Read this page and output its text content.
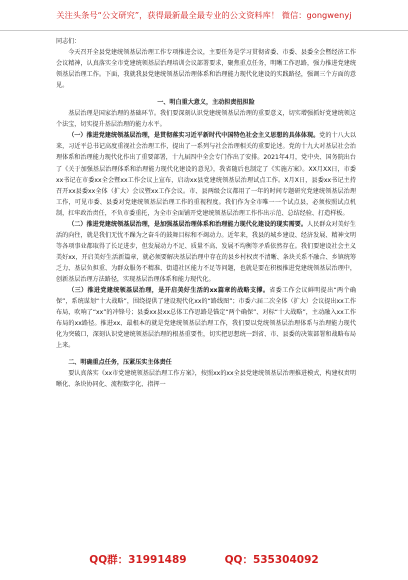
关注头条号“公文研究”，获得最新最全最专业的公文资料库！ 微信：gongwenyj

同志们：

今天召开全县党建统领基层治理工作专项推进会议，主要任务是学习贯彻省委、市委、县委全会暨经济工作会议精神，认真落实全市党建统领基层治理培训会议部署要求，聚焦重点任务，明晰工作思路，强力推进党建统领基层治理工作。下面，我就我县党建统领基层治理体系和治理能力现代化建设的实践路径，强调三个方面的意见。

一、明白重大意义，主动担责扭担险

基层治理是国家治理的基础环节。我们要深刻认识党建统领基层治理的重要意义，切实增强抓好党建统领这个法宝，切实提升基层治理的能力水平。

（一）推进党建统领基层治理，是贯彻落实习近平新时代中国特色社会主义思想的具体体现。党的十八大以来，习近平总书记高度重视社会治理工作，提出了一系列与社会治理相关的重要论述。党的十九大对基层社会治理体系和治理能力现代化作出了重要部署，十九届四中全会专门作出了安排。2021年4月，党中央、国务院出台了《关于加强基层治理体系和治理能力现代化建设的意见》，我省随后也制定了《实施方案》。XX月XX日，市委xx书记在市委xx全会暨xx工作会议上宣布，启动xx县党建统领基层治理试点工作。X月X日，县委xx书记主持召开xx县委xx全体（扩大）会议暨xx工作会议。市、县两级会议都用了一年的时间专题研究党建统领基层治理工作，可见市委、县委对党建统领基层治理工作的重视程度。我们作为全市唯一一个试点县，必须按照试点机制，扛牢政治责任，不负市委重托，为全市全面铺开党建统领基层治理工作作出示范、总结经验、打造样板。

（二）推进党建统领基层治理，是加强基层治理体系和治理能力现代化建设的现实需要。人民群众对美好生活的向往，就是我们无忧不躁为之奋斗的鼓舞目标和不竭动力。近年来，我县的城乡建设、经济发展、精神文明等各项事业都取得了长足进步，但发展动力不足、质量不高、发展不均衡等矛盾依然存在。我们要建设社会主义美好xx，开启美好生活新篇章，就必须要解决基层治理中存在的县乡村权责不清晰、条块关系不融合、乡镇统筹乏力、基层负担重、为群众服务不精准、街道社区能力不足等问题，也就是要在积极推进党建统领基层治理中，创新基层治理方法路径，实现基层治理体系和能力现代化。

（三）推进党建统领基层治理，是开启美好生活的xx篇章的战略支撑。省委工作会议鲜明提出“两个确保”，系统谋划“十大战略”，围绕提供了建设现代化xx的“路线图”；市委六届二次全体（扩大）会议提出xx工作布局，吹响了“xx”的冲锋号；县委xx县xx总体工作思路是锚定“两个确保”、对标“十大战略”，主动融入xx工作布局的xx路径。推进xx、最根本的就是党建统领基层治理工作，我们要以党统领基层治理体系与治理能力现代化为突破口，深刻认识党建统领基层治理的根基重要性，切实把思想统一到省、市、县委的决策部署和战略布局上来。

二、明确重点任务，压紧压实主体责任

要认真落实《xx市党建统领基层治理工作方案》，按照xx的xx全县党建统领基层治理推进模式，构建权责明晰化、条块协同化、流程数字化、指挥一

QQ群：31991489	QQ：535304092
